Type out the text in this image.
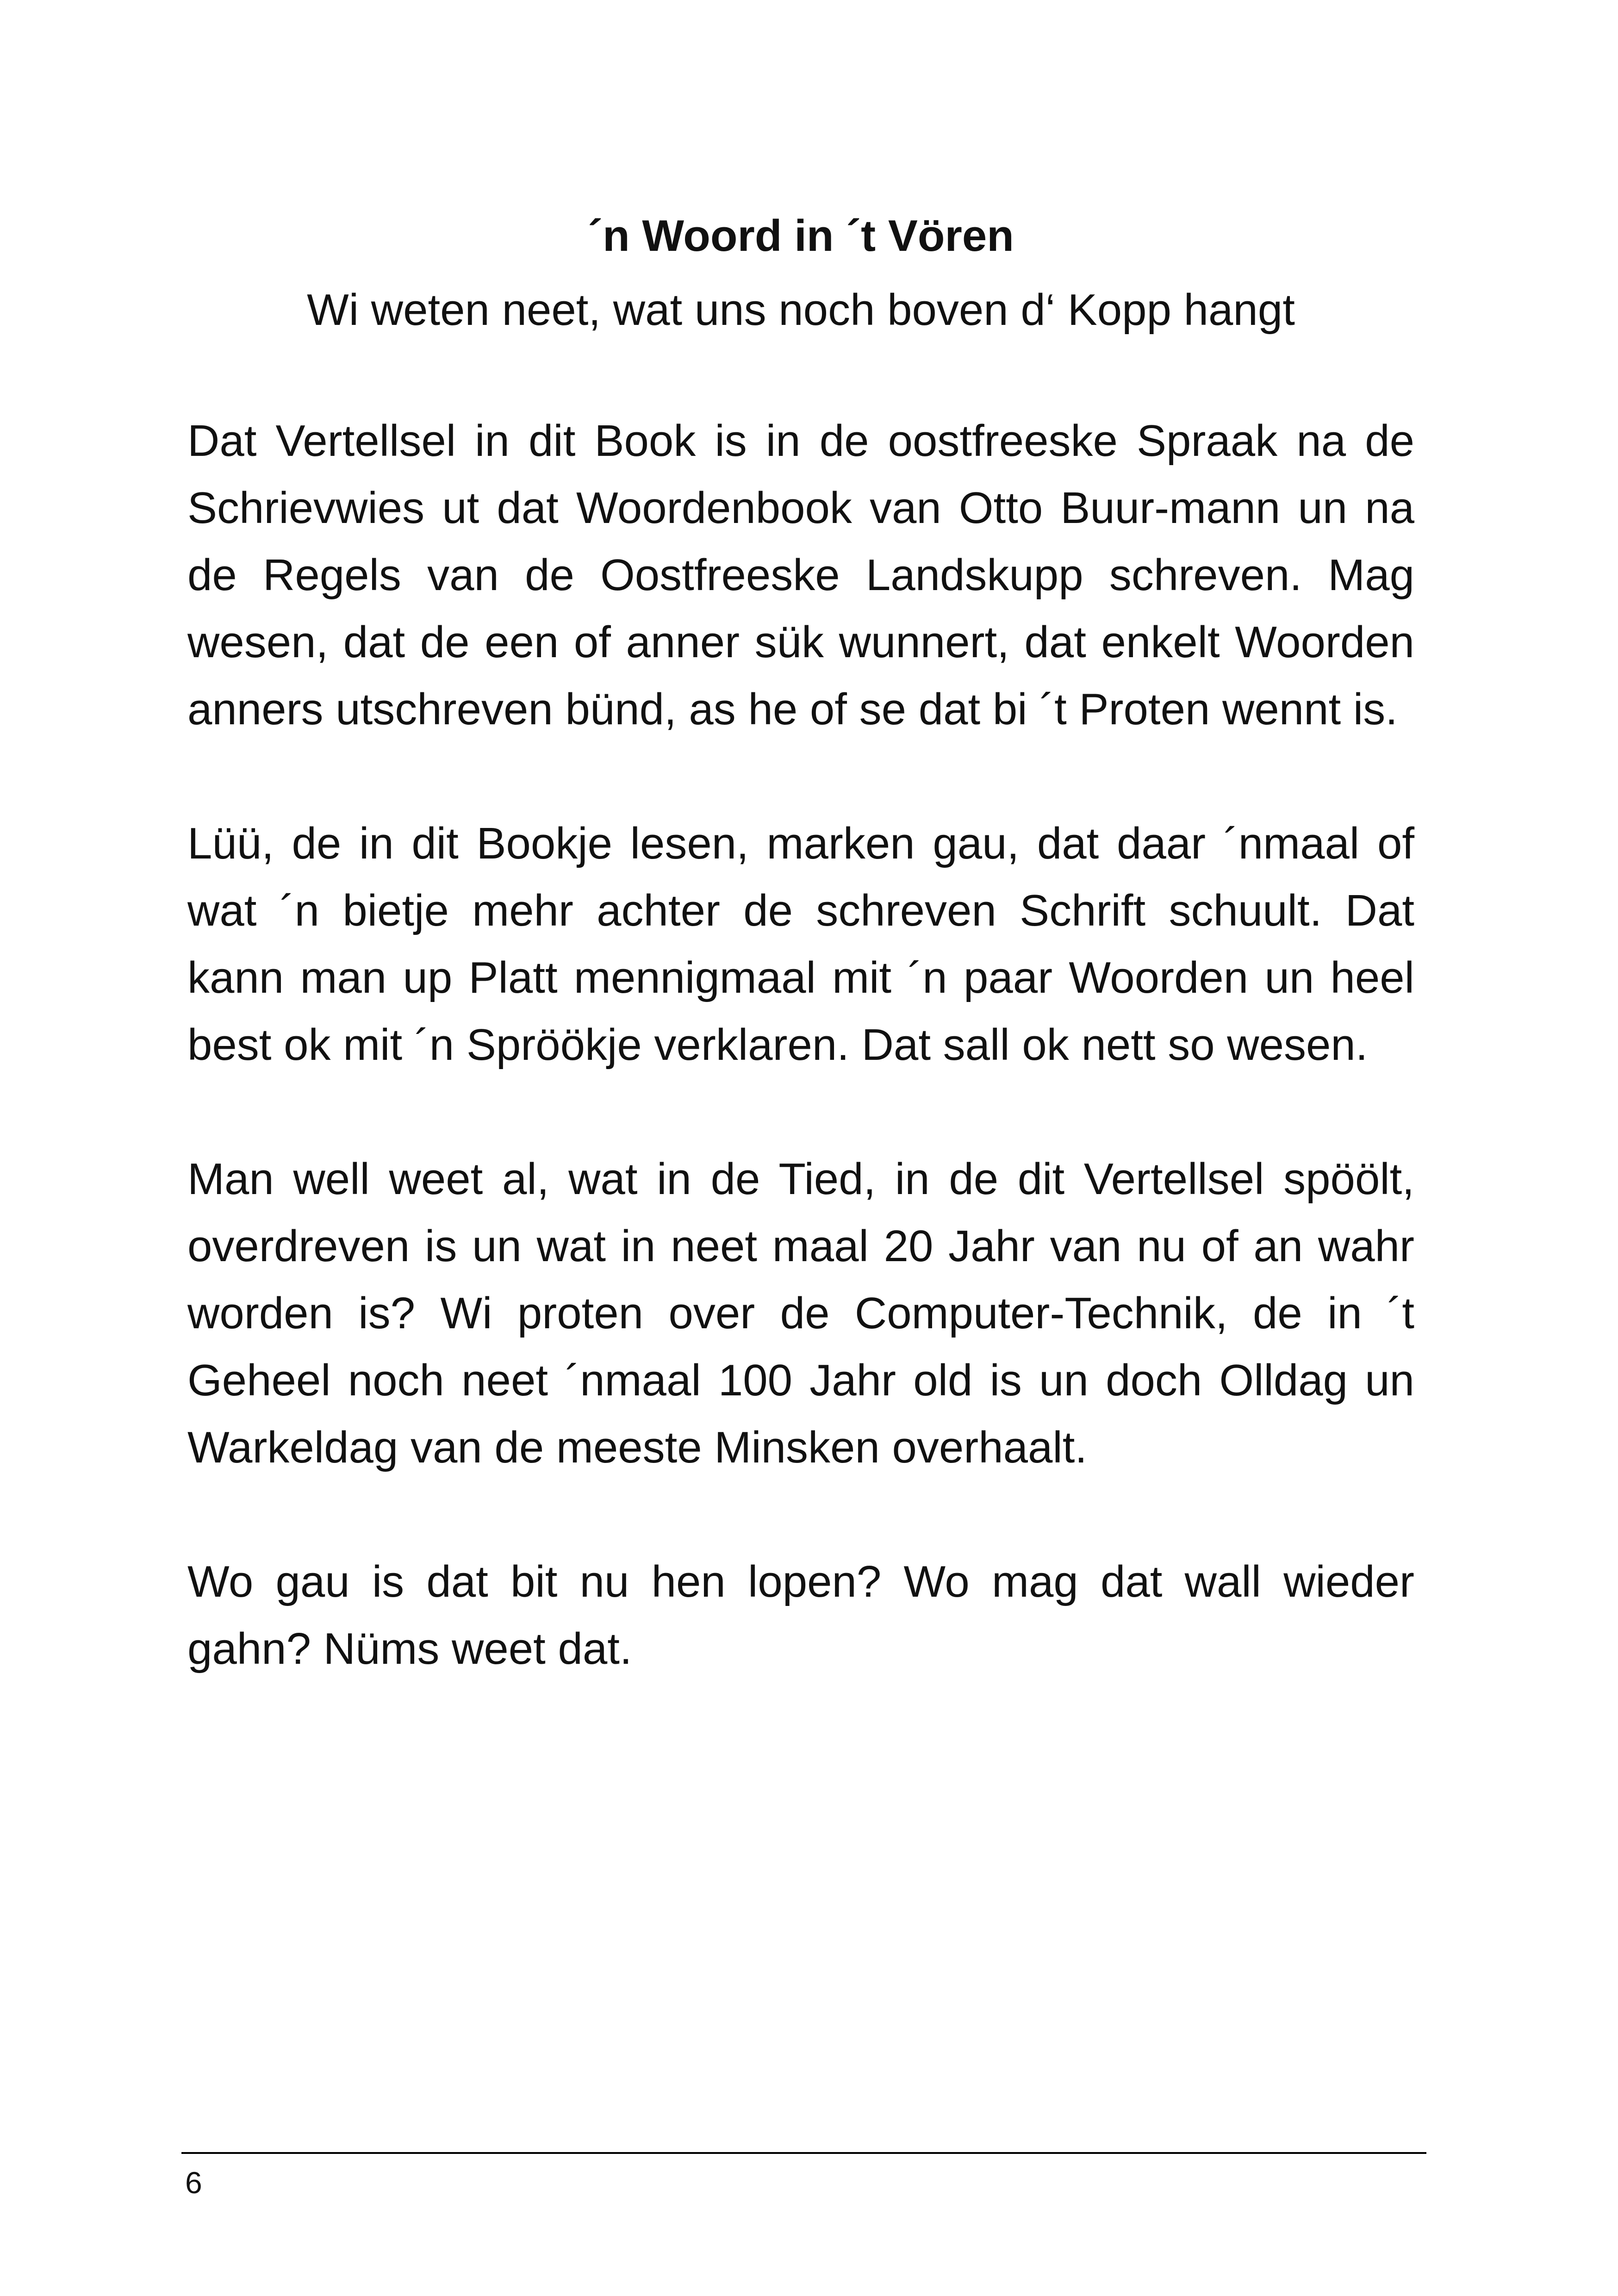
´n Woord in ´t Vören
Wi weten neet, wat uns noch boven d‘ Kopp hangt

Dat Vertellsel in dit Book is in de oostfreeske Spraak na de Schrievwies ut dat Woordenbook van Otto Buur-mann un na de Regels van de Oostfreeske Landskupp schreven. Mag wesen, dat de een of anner sük wunnert, dat enkelt Woorden anners utschreven bünd, as he of se dat bi ´t Proten wennt is.

Lüü, de in dit Bookje lesen, marken gau, dat daar ´nmaal of wat ´n bietje mehr achter de schreven Schrift schuult. Dat kann man up Platt mennigmaal mit ´n paar Woorden un heel best ok mit ´n Spröökje verklaren. Dat sall ok nett so wesen.

Man well weet al, wat in de Tied, in de dit Vertellsel spöölt, overdreven is un wat in neet maal 20 Jahr van nu of an wahr worden is? Wi proten over de Computer-Technik, de in ´t Geheel noch neet ´nmaal 100 Jahr old is un doch Olldag un Warkeldag van de meeste Minsken overhaalt.

Wo gau is dat bit nu hen lopen? Wo mag dat wall wieder gahn? Nüms weet dat.

6
